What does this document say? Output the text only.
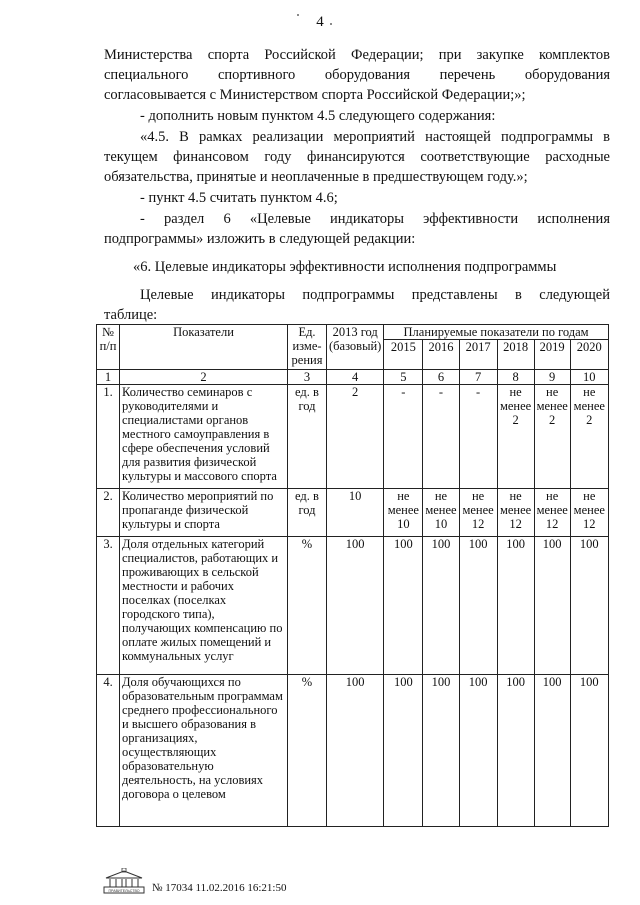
4
Министерства спорта Российской Федерации; при закупке комплектов
специального спортивного оборудования перечень оборудования
согласовывается с Министерством спорта Российской Федерации;»;
- дополнить новым пунктом 4.5 следующего содержания:
«4.5. В рамках реализации мероприятий настоящей подпрограммы в
текущем финансовом году финансируются соответствующие расходные
обязательства, принятые и неоплаченные в предшествующем году.»;
- пункт 4.5 считать пунктом 4.6;
- раздел 6 «Целевые индикаторы эффективности исполнения
подпрограммы» изложить в следующей редакции:
«6. Целевые индикаторы эффективности исполнения подпрограммы
Целевые индикаторы подпрограммы представлены в следующей
таблице:
№ п/п	Показатели	Ед. изме-рения	2013 год (базовый)	Планируемые показатели по годам					
				2015	2016	2017	2018	2019	2020
1	2	3	4	5	6	7	8	9	10
1.	Количество семинаров с руководителями и специалистами органов местного самоуправления в сфере обеспечения условий для развития физической культуры и массового спорта	ед. в год	2	-	-	-	не менее 2	не менее 2	не менее 2
2.	Количество мероприятий по пропаганде физической культуры и спорта	ед. в год	10	не менее 10	не менее 10	не менее 12	не менее 12	не менее 12	не менее 12
3.	Доля отдельных категорий специалистов, работающих и проживающих в сельской местности и рабочих поселках (поселках городского типа), получающих компенсацию по оплате жилых помещений и коммунальных услуг	%	100	100	100	100	100	100	100
4.	Доля обучающихся по образовательным программам среднего профессионального и высшего образования в организациях, осуществляющих образовательную деятельность, на условиях договора о целевом	%	100	100	100	100	100	100	100
ПРАВИТЕЛЬСТВО № 17034 11.02.2016 16:21:50
